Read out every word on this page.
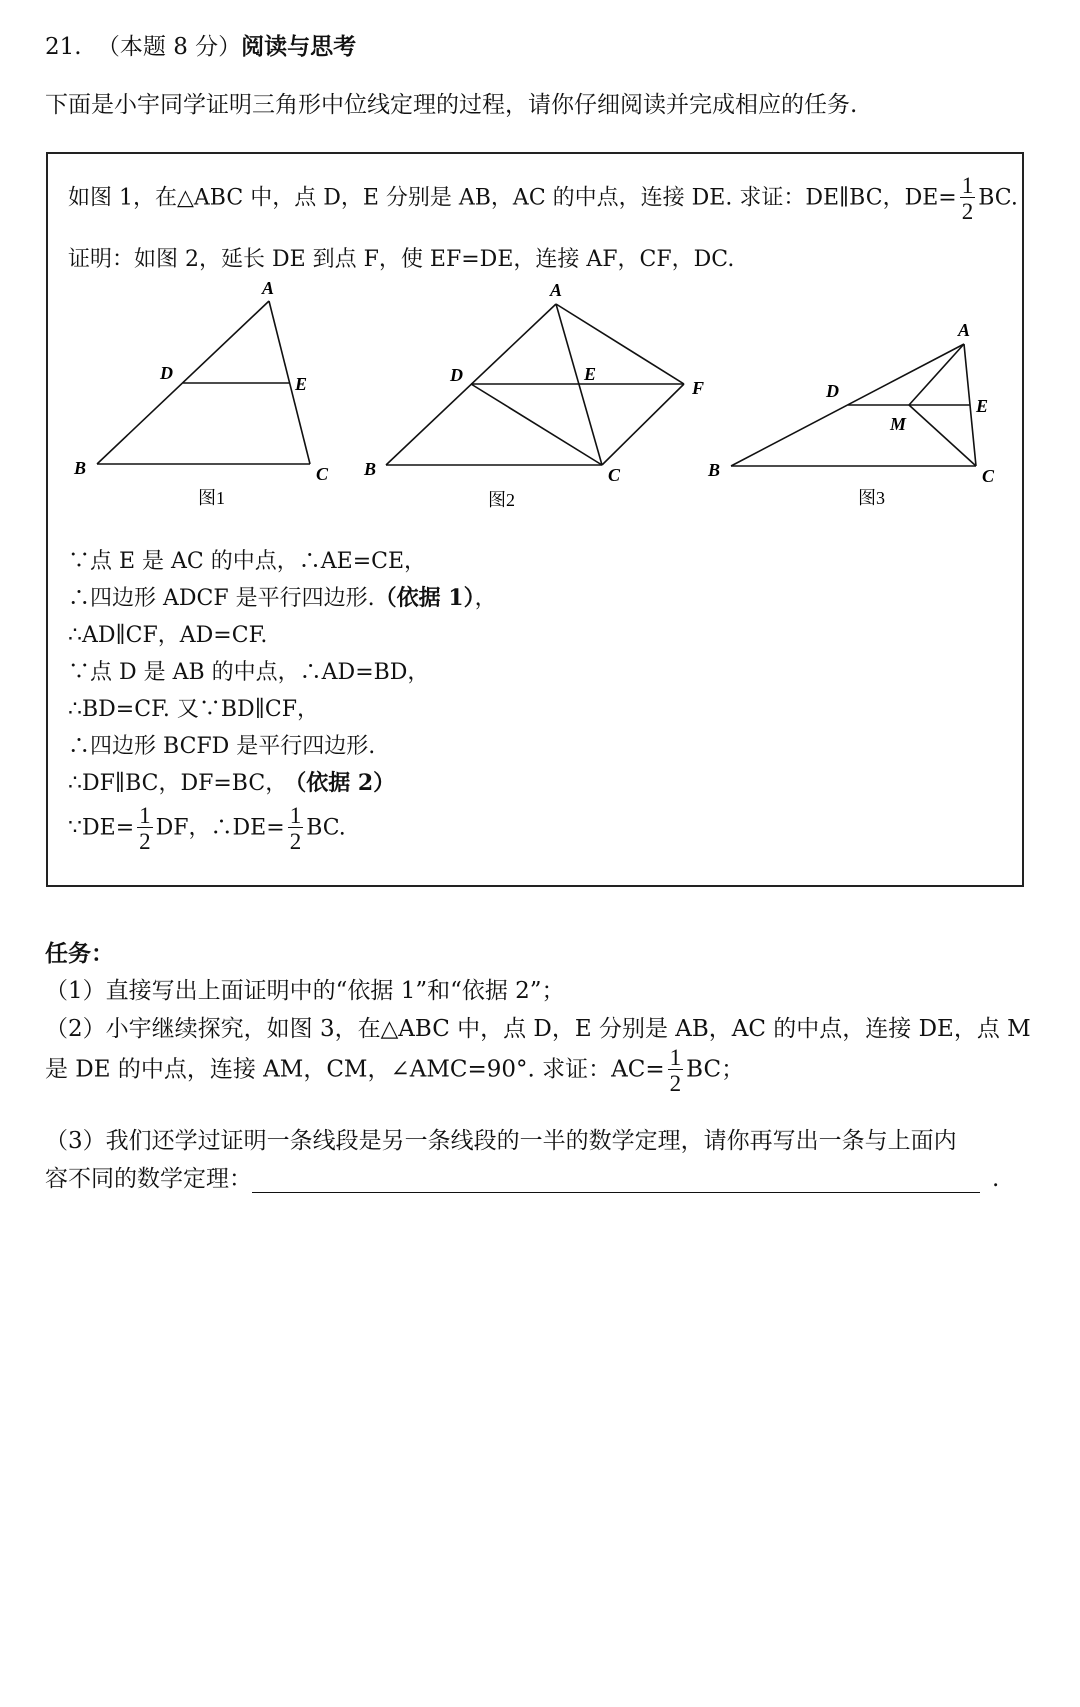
21. （本题 8 分）阅读与思考
下面是小宇同学证明三角形中位线定理的过程，请你仔细阅读并完成相应的任务.
如图 1，在△ABC 中，点 D，E 分别是 AB，AC 的中点，连接 DE. 求证：DE∥BC，$DE= \frac{1}{2}$ BC.
证明：如图 2，延长 DE 到点 F，使 EF=DE，连接 AF，CF，DC.
A
B	C
D
E
图1
A
B	C
D	E
F
图2
A
B	C
D
E
M
图3
∵点 E 是 AC 的中点，∴AE=CE，
∴四边形 ADCF 是平行四边形.（依据 1），
∴AD∥CF，AD=CF.
∵点 D 是 AB 的中点，∴AD=BD，
∴BD=CF. 又∵BD∥CF，
∴四边形 BCFD 是平行四边形.
∴DF∥BC，DF=BC， （依据 2）
∵DE= $\frac{1}{2}$ DF，∴DE= $\frac{1}{2}$ BC.
任务：
（1）直接写出上面证明中的“依据 1”和“依据 2”；
（2）小宇继续探究，如图 3，在△ABC 中，点 D，E 分别是 AB，AC 的中点，连接 DE，点 M
是 DE 的中点，连接 AM，CM，∠AMC=90°. 求证：$AC= \frac{1}{2}$ BC；
（3）我们还学过证明一条线段是另一条线段的一半的数学定理，请你再写出一条与上面内
容不同的数学定理：	.
